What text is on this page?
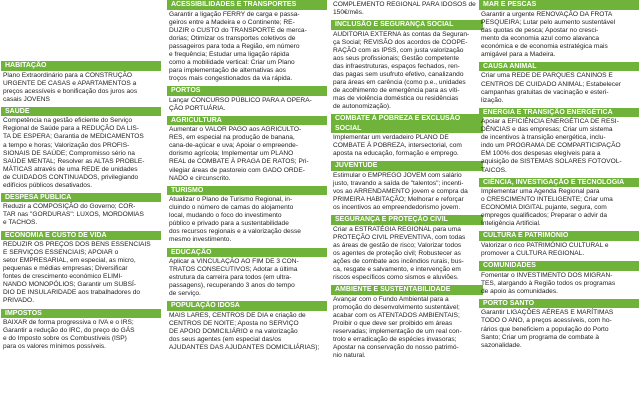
HABITAÇÃO
Plano Extraordinário para a CONSTRUÇÃO
URGENTE DE CASAS e APARTAMENTOS a
preços acessíveis e bonificação dos juros aos
casais JOVENS
SAÚDE
Competência na gestão eficiente do Serviço
Regional de Saúde para a REDUÇÃO DA LIS-
TA DE ESPERA; Garantia de MEDICAMENTOS
a tempo e horas; Valorização dos PROFIS-
SIONAIS DE SAÚDE; Compromisso sério na
SAÚDE MENTAL; Resolver as ALTAS PROBLE-
MÁTICAS através de uma REDE de unidades
de CUIDADOS CONTINUADOS, privilegiando
edifícios públicos desativados.
DESPESA PÚBLICA
Reduzir a COMPOSIÇÃO do Governo; COR-
TAR nas "GORDURAS": LUXOS, MORDOMIAS
e TACHOS.
ECONOMIA E CUSTO DE VIDA
REDUZIR OS PREÇOS DOS BENS ESSENCIAIS
E SERVIÇOS ESSENCIAIS; APOIAR o
setor EMPRESARIAL, em especial, as micro,
pequenas e médias empresas; Diversificar
fontes de crescimento económico ELIMI-
NANDO MONOPÓLIOS; Garantir um SUBSÍ-
DIO DE INSULARIDADE aos trabalhadores do
PRIVADO.
IMPOSTOS
BAIXAR de forma progressiva o IVA e o IRS;
Garantir a redução do IRC, do preço do GÁS
e do Imposto sobre os Combustíveis (ISP)
para os valores mínimos possíveis.
ACESSIBILIDADES E TRANSPORTES
Garantir a ligação FERRY de carga e passa-
geiros entre a Madeira e o Continente; RE-
DUZIR o CUSTO do TRANSPORTE de merca-
dorias; Otimizar os transportes coletivos de
passageiros para toda a Região, em número
e frequência; Estudar uma ligação rápida
como a mobilidade vertical: Criar um Plano
para implementação de alternativas aos
troços mais congestionados da via rápida.
PORTOS
Lançar CONCURSO PÚBLICO PARA A OPERA-
ÇÃO PORTUÁRIA.
AGRICULTURA
Aumentar o VALOR PAGO aos AGRICULTO-
RES, em especial na produção de banana,
cana-de-açúcar e uva; Apoiar o empreende-
dorismo agrícola; Implementar um PLANO
REAL de COMBATE À PRAGA DE RATOS; Pri-
vilegiar áreas de pastoreio com GADO ORDE-
NADO e circunscrito.
TURISMO
Atualizar o Plano de Turismo Regional, in-
cluindo o número de camas do alojamento
local, mudando o foco do investimento
público e privado para a sustentabilidade
dos recursos regionais e a valorização desse
mesmo investimento.
EDUCAÇÃO
Aplicar a VINCULAÇÃO AO FIM DE 3 CON-
TRATOS CONSECUTIVOS; Adotar a última
estrutura da carreira para todos (em ultra-
passagens), recuperando 3 anos do tempo
de serviço.
POPULAÇÃO IDOSA
MAIS LARES, CENTROS DE DIA e criação de
CENTROS DE NOITE; Aposta no SERVIÇO
DE APOIO DOMICILIÁRIO e na valorização
dos seus agentes (em especial das/os
AJUDANTES DAS AJUDANTES DOMICILIÁRIAS);
COMPLEMENTO REGIONAL PARA IDOSOS de
150€/mês.
INCLUSÃO E SEGURANÇA SOCIAL
AUDITORIA EXTERNA às contas da Seguran-
ça Social; REVISÃO dos acordos de COOPE-
RAÇÃO com as IPSS, com justa valorização
aos seus profissionais; Gestão competente
das infraestruturas, espaços fechados, ren-
das pagas sem usufruto efetivo, canalizando
para áreas em carência (como p.e., unidades
de acolhimento de emergência para as víti-
mas de violência doméstica ou residências
de autonomização).
COMBATE À POBREZA E EXCLUSÃO SOCIAL
Implementar um verdadeiro PLANO DE
COMBATE À POBREZA, intersectorial, com
aposta na educação, formação e emprego.
JUVENTUDE
Estimular o EMPREGO JOVEM com salário
justo, travando a saída de "talentos"; incenti-
vos ao ARRENDAMENTO jovem e compra da
PRIMEIRA HABITAÇÃO; Melhorar e reforçar
os incentivos ao empreendedorismo jovem.
SEGURANÇA E PROTEÇÃO CIVIL
Criar a ESTRATÉGIA REGIONAL para uma
PROTEÇÃO CIVIL PREVENTIVA, com todas
as áreas de gestão de risco; Valorizar todos
os agentes de proteção civil; Robustecer as
ações de combate aos incêndios rurais, bus-
ca, resgate e salvamento, e intervenção em
riscos específicos como sismos e aluviões.
AMBIENTE E SUSTENTABILIDADE
Avançar com o Fundo Ambiental para a
promoção do desenvolvimento sustentável;
acabar com os ATENTADOS AMBIENTAIS;
Proibir o que deve ser proibido em áreas
reservadas; implementação de um real con-
trolo e erradicação de espécies invasoras;
Apostar na conservação do nosso patrimó-
nio natural.
MAR E PESCAS
Garantir a urgente RENOVAÇÃO DA FROTA
PESQUEIRA; Lutar pelo aumento sustentável
das quotas de pesca; Apostar no cresci-
mento da economia azul como alavanca
económica e de economia estratégica mais
amigável para a Madeira.
CAUSA ANIMAL
Criar uma REDE DE PARQUES CANINOS E
CENTROS DE CUIDADO ANIMAL; Estabelecer
campanhas gratuitas de vacinação e esteri-
lização.
ENERGIA E TRANSIÇÃO ENERGÉTICA
Apoiar a EFICIÊNCIA ENERGÉTICA DE RESI-
DÊNCIAS e das empresas; Criar um sistema
de incentivos à transição energética, inclu-
indo um PROGRAMA DE COMPARTICIPAÇÃO
EM 100% dos despesas elegíveis para a
aquisição de SISTEMAS SOLARES FOTOVOL-
TAICOS.
CIÊNCIA, INVESTIGAÇÃO E TECNOLOGIA
Implementar uma Agenda Regional para
o CRESCIMENTO INTELIGENTE; Criar uma
ECONOMIA DIGITAL pujante, segura, com
empregos qualificados; Preparar o advir da
Inteligência Artificial.
CULTURA E PATRIMÓNIO
Valorizar o rico PATRIMÓNIO CULTURAL e
promover a CULTURA REGIONAL.
COMUNIDADES
Fomentar o INVESTIMENTO DOS MIGRAN-
TES, alargando à Região todos os programas
de apoio às comunidades.
PORTO SANTO
Garantir LIGAÇÕES AÉREAS E MARÍTIMAS
TODO O ANO, a preços acessíveis, com ho-
rários que beneficiem a população do Porto
Santo; Criar um programa de combate à
sazonalidade.
